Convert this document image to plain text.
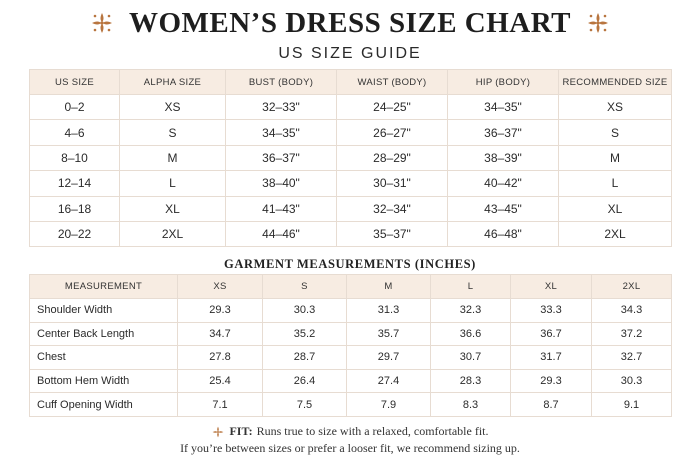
WOMEN’S DRESS SIZE CHART
US SIZE GUIDE
US SIZE	ALPHA SIZE	BUST (BODY)	WAIST (BODY)	HIP (BODY)	RECOMMENDED SIZE
0–2	XS	32–33"	24–25"	34–35"	XS
4–6	S	34–35"	26–27"	36–37"	S
8–10	M	36–37"	28–29"	38–39"	M
12–14	L	38–40"	30–31"	40–42"	L
16–18	XL	41–43"	32–34"	43–45"	XL
20–22	2XL	44–46"	35–37"	46–48"	2XL
GARMENT MEASUREMENTS (INCHES)
MEASUREMENT	XS	S	M	L	XL	2XL
Shoulder Width	29.3	30.3	31.3	32.3	33.3	34.3
Center Back Length	34.7	35.2	35.7	36.6	36.7	37.2
Chest	27.8	28.7	29.7	30.7	31.7	32.7
Bottom Hem Width	25.4	26.4	27.4	28.3	29.3	30.3
Cuff Opening Width	7.1	7.5	7.9	8.3	8.7	9.1
FIT: Runs true to size with a relaxed, comfortable fit.
If you’re between sizes or prefer a looser fit, we recommend sizing up.
